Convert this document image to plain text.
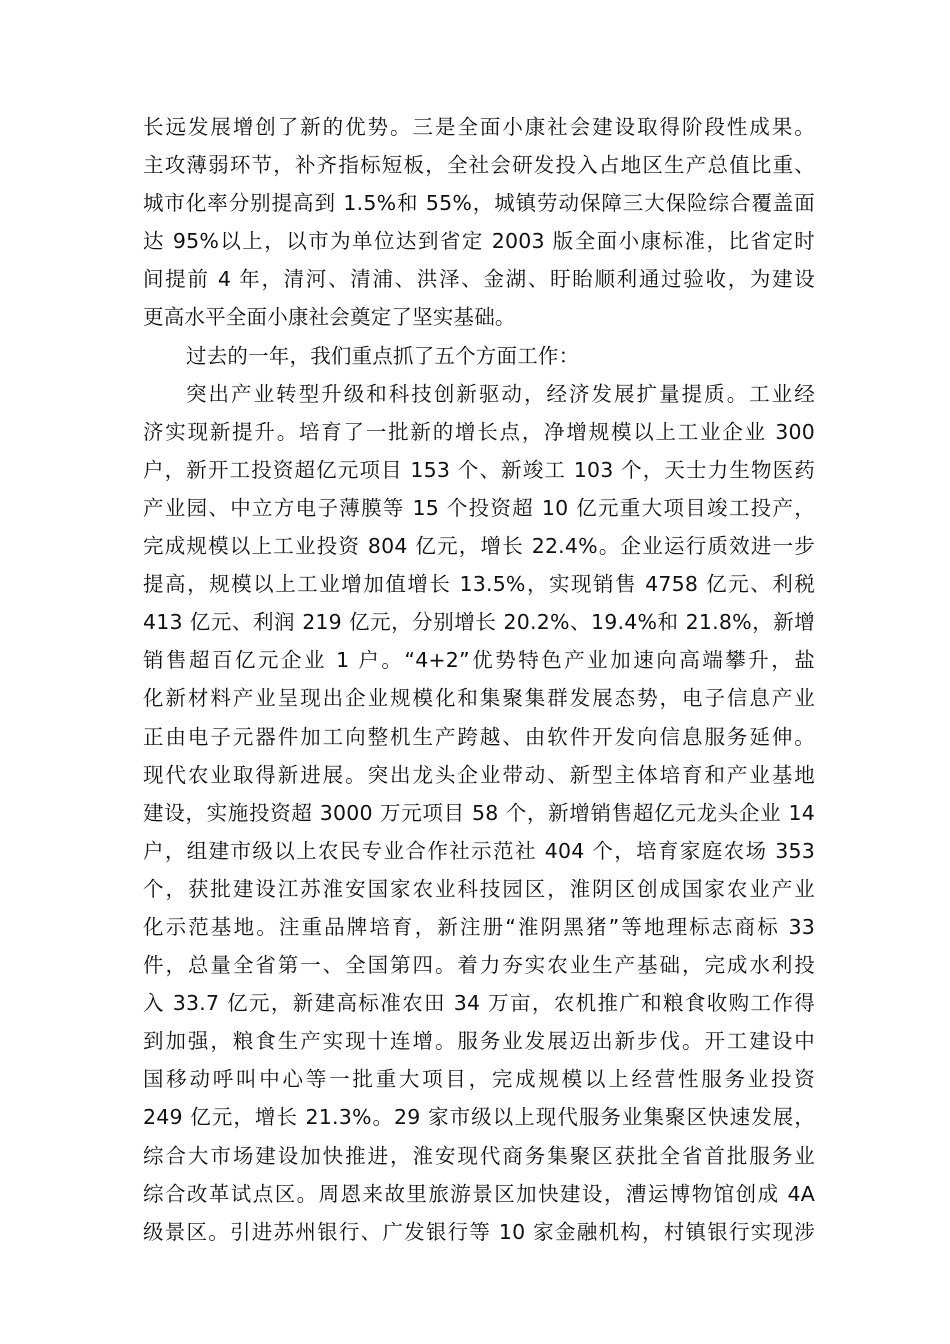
长远发展增创了新的优势。三是全面小康社会建设取得阶段性成果。
主攻薄弱环节，补齐指标短板，全社会研发投入占地区生产总值比重、
城市化率分别提高到 1.5%和 55%，城镇劳动保障三大保险综合覆盖面
达 95%以上，以市为单位达到省定 2003 版全面小康标准，比省定时
间提前 4 年，清河、清浦、洪泽、金湖、盱眙顺利通过验收，为建设
更高水平全面小康社会奠定了坚实基础。
过去的一年，我们重点抓了五个方面工作：
突出产业转型升级和科技创新驱动，经济发展扩量提质。工业经
济实现新提升。培育了一批新的增长点，净增规模以上工业企业 300
户，新开工投资超亿元项目 153 个、新竣工 103 个，天士力生物医药
产业园、中立方电子薄膜等 15 个投资超 10 亿元重大项目竣工投产，
完成规模以上工业投资 804 亿元，增长 22.4%。企业运行质效进一步
提高，规模以上工业增加值增长 13.5%，实现销售 4758 亿元、利税
413 亿元、利润 219 亿元，分别增长 20.2%、19.4%和 21.8%，新增
销售超百亿元企业 1 户。“4+2”优势特色产业加速向高端攀升，盐
化新材料产业呈现出企业规模化和集聚集群发展态势，电子信息产业
正由电子元器件加工向整机生产跨越、由软件开发向信息服务延伸。
现代农业取得新进展。突出龙头企业带动、新型主体培育和产业基地
建设，实施投资超 3000 万元项目 58 个，新增销售超亿元龙头企业 14
户，组建市级以上农民专业合作社示范社 404 个，培育家庭农场 353
个，获批建设江苏淮安国家农业科技园区，淮阴区创成国家农业产业
化示范基地。注重品牌培育，新注册“淮阴黑猪”等地理标志商标 33
件，总量全省第一、全国第四。着力夯实农业生产基础，完成水利投
入 33.7 亿元，新建高标准农田 34 万亩，农机推广和粮食收购工作得
到加强，粮食生产实现十连增。服务业发展迈出新步伐。开工建设中
国移动呼叫中心等一批重大项目，完成规模以上经营性服务业投资
249 亿元，增长 21.3%。29 家市级以上现代服务业集聚区快速发展，
综合大市场建设加快推进，淮安现代商务集聚区获批全省首批服务业
综合改革试点区。周恩来故里旅游景区加快建设，漕运博物馆创成 4A
级景区。引进苏州银行、广发银行等 10 家金融机构，村镇银行实现涉
